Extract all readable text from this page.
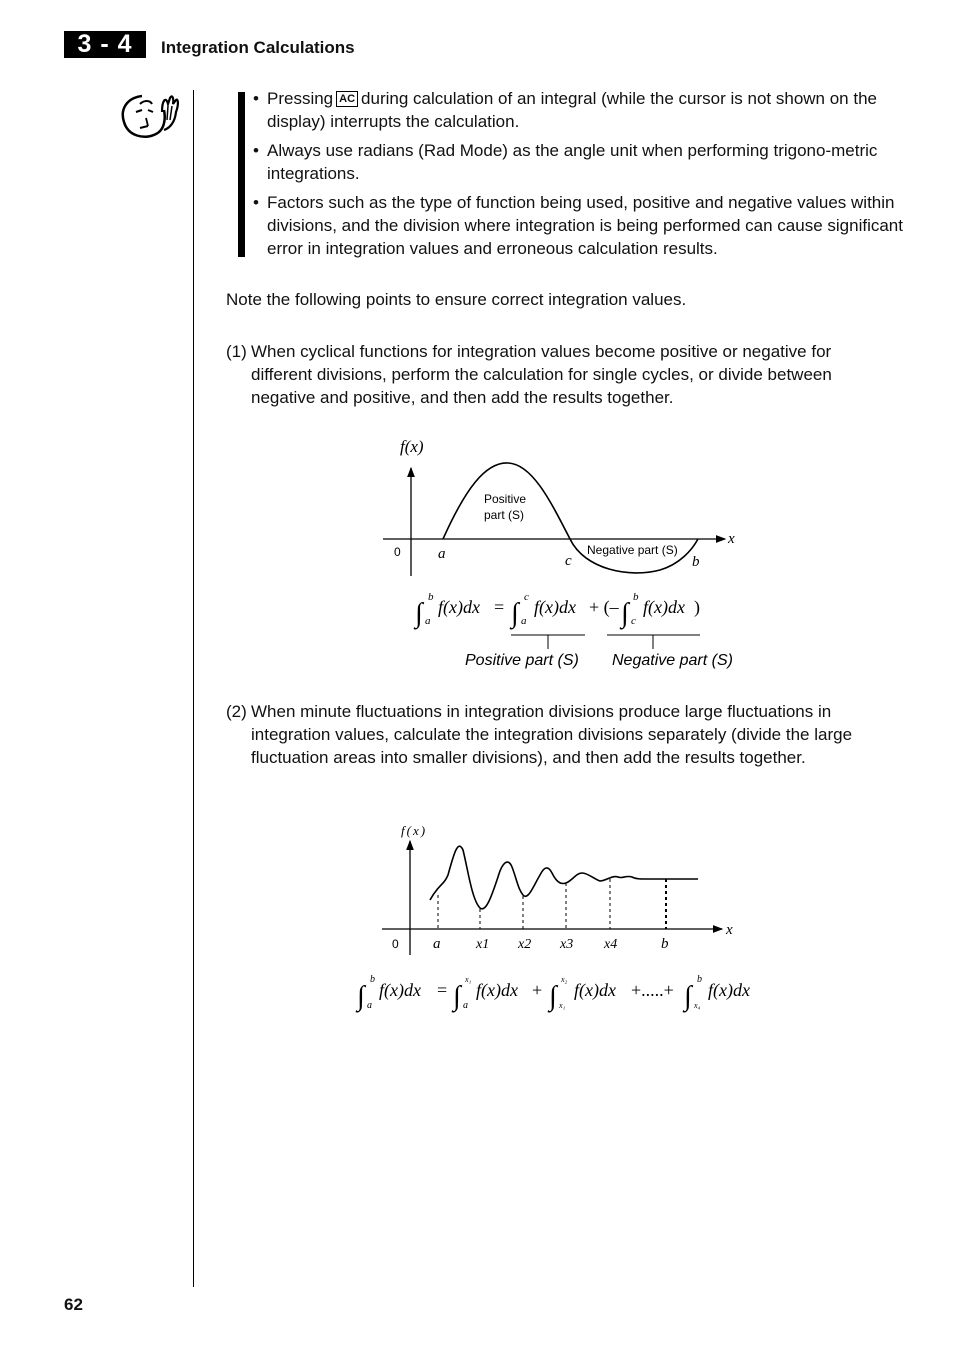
3 - 4	Integration Calculations
• Pressing AC during calculation of an integral (while the cursor is not shown on the display) interrupts the calculation.
• Always use radians (Rad Mode) as the angle unit when performing trigono-metric integrations.
• Factors such as the type of function being used, positive and negative values within divisions, and the division where integration is being performed can cause significant error in integration values and erroneous calculation results.
Note the following points to ensure correct integration values.
(1) When cyclical functions for integration values become positive or negative for different divisions, perform the calculation for single cycles, or divide between negative and positive, and then add the results together.
f(x)
x
0 a	c	b
Positive
part (S)
Negative part (S)
∫
b
a
f(x)dx = ∫
c
a
f(x)dx + (– ∫
b
c
f(x)dx )
Positive part (S) Negative part (S)
(2) When minute fluctuations in integration divisions produce large fluctuations in integration values, calculate the integration divisions separately (divide the large fluctuation areas into smaller divisions), and then add the results together.
f(x)
x
0 a	x1 x2 x3 x4	b
∫
b
a
f(x)dx = ∫
x₁
a
f(x)dx + ∫
x₂
x₁
f(x)dx +.....+ ∫
b
x₄
f(x)dx
62
